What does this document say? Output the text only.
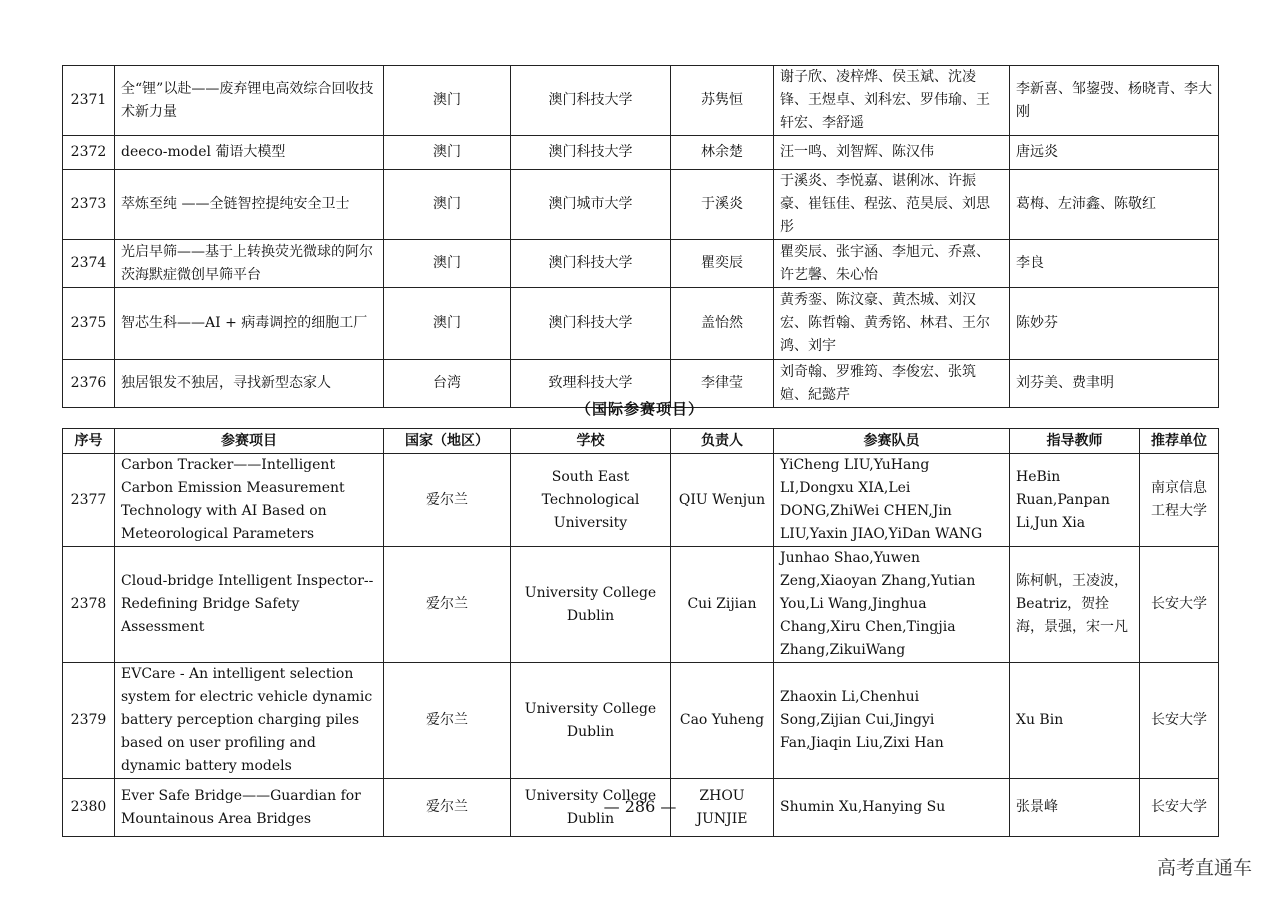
2371	全“锂”以赴——废弃锂电高效综合回收技术新力量	澳门	澳门科技大学	苏隽恒	谢子欣、凌梓烨、侯玉斌、沈凌锋、王煜卓、刘科宏、罗伟瑜、王轩宏、李舒遥	李新喜、邹鋆弢、杨晓青、李大刚
2372	deeco-model 葡语大模型	澳门	澳门科技大学	林余楚	汪一鸣、刘智辉、陈汉伟	唐远炎
2373	萃炼至纯 ——全链智控提纯安全卫士	澳门	澳门城市大学	于溪炎	于溪炎、李悦嘉、谌俐冰、许振豪、崔钰佳、程弦、范昊辰、刘思彤	葛梅、左沛鑫、陈敬红
2374	光启早筛——基于上转换荧光微球的阿尔茨海默症微创早筛平台	澳门	澳门科技大学	瞿奕辰	瞿奕辰、张宇涵、李旭元、乔熹、许艺馨、朱心怡	李良
2375	智芯生科——AI + 病毒调控的细胞工厂	澳门	澳门科技大学	盖怡然	黄秀銮、陈汶豪、黄杰城、刘汉宏、陈哲翰、黄秀铭、林君、王尔鸿、刘宇	陈妙芬
2376	独居银发不独居，寻找新型态家人	台湾	致理科技大学	李律莹	刘奇翰、罗雅筠、李俊宏、张筑媗、紀懿芹	刘芬美、费聿明
（国际参赛项目）
序号	参赛项目	国家（地区）	学校	负责人	参赛队员	指导教师	推荐单位
2377	Carbon Tracker——Intelligent Carbon Emission Measurement Technology with AI Based on Meteorological Parameters	爱尔兰	South East Technological University	QIU Wenjun	YiCheng LIU,YuHang LI,Dongxu XIA,Lei DONG,ZhiWei CHEN,Jin LIU,Yaxin JIAO,YiDan WANG	HeBin Ruan,Panpan Li,Jun Xia	南京信息工程大学
2378	Cloud-bridge Intelligent Inspector--Redefining Bridge Safety Assessment	爱尔兰	University College Dublin	Cui Zijian	Junhao Shao,Yuwen Zeng,Xiaoyan Zhang,Yutian You,Li Wang,Jinghua Chang,Xiru Chen,Tingjia Zhang,ZikuiWang	陈柯帆，王凌波，Beatriz，贺拴海，景强，宋一凡	长安大学
2379	EVCare - An intelligent selection system for electric vehicle dynamic battery perception charging piles based on user profiling and dynamic battery models	爱尔兰	University College Dublin	Cao Yuheng	Zhaoxin Li,Chenhui Song,Zijian Cui,Jingyi Fan,Jiaqin Liu,Zixi Han	Xu Bin	长安大学
2380	Ever Safe Bridge——Guardian for Mountainous Area Bridges	爱尔兰	University College Dublin	ZHOU JUNJIE	Shumin Xu,Hanying Su	张景峰	长安大学
— 286 —
高考直通车
